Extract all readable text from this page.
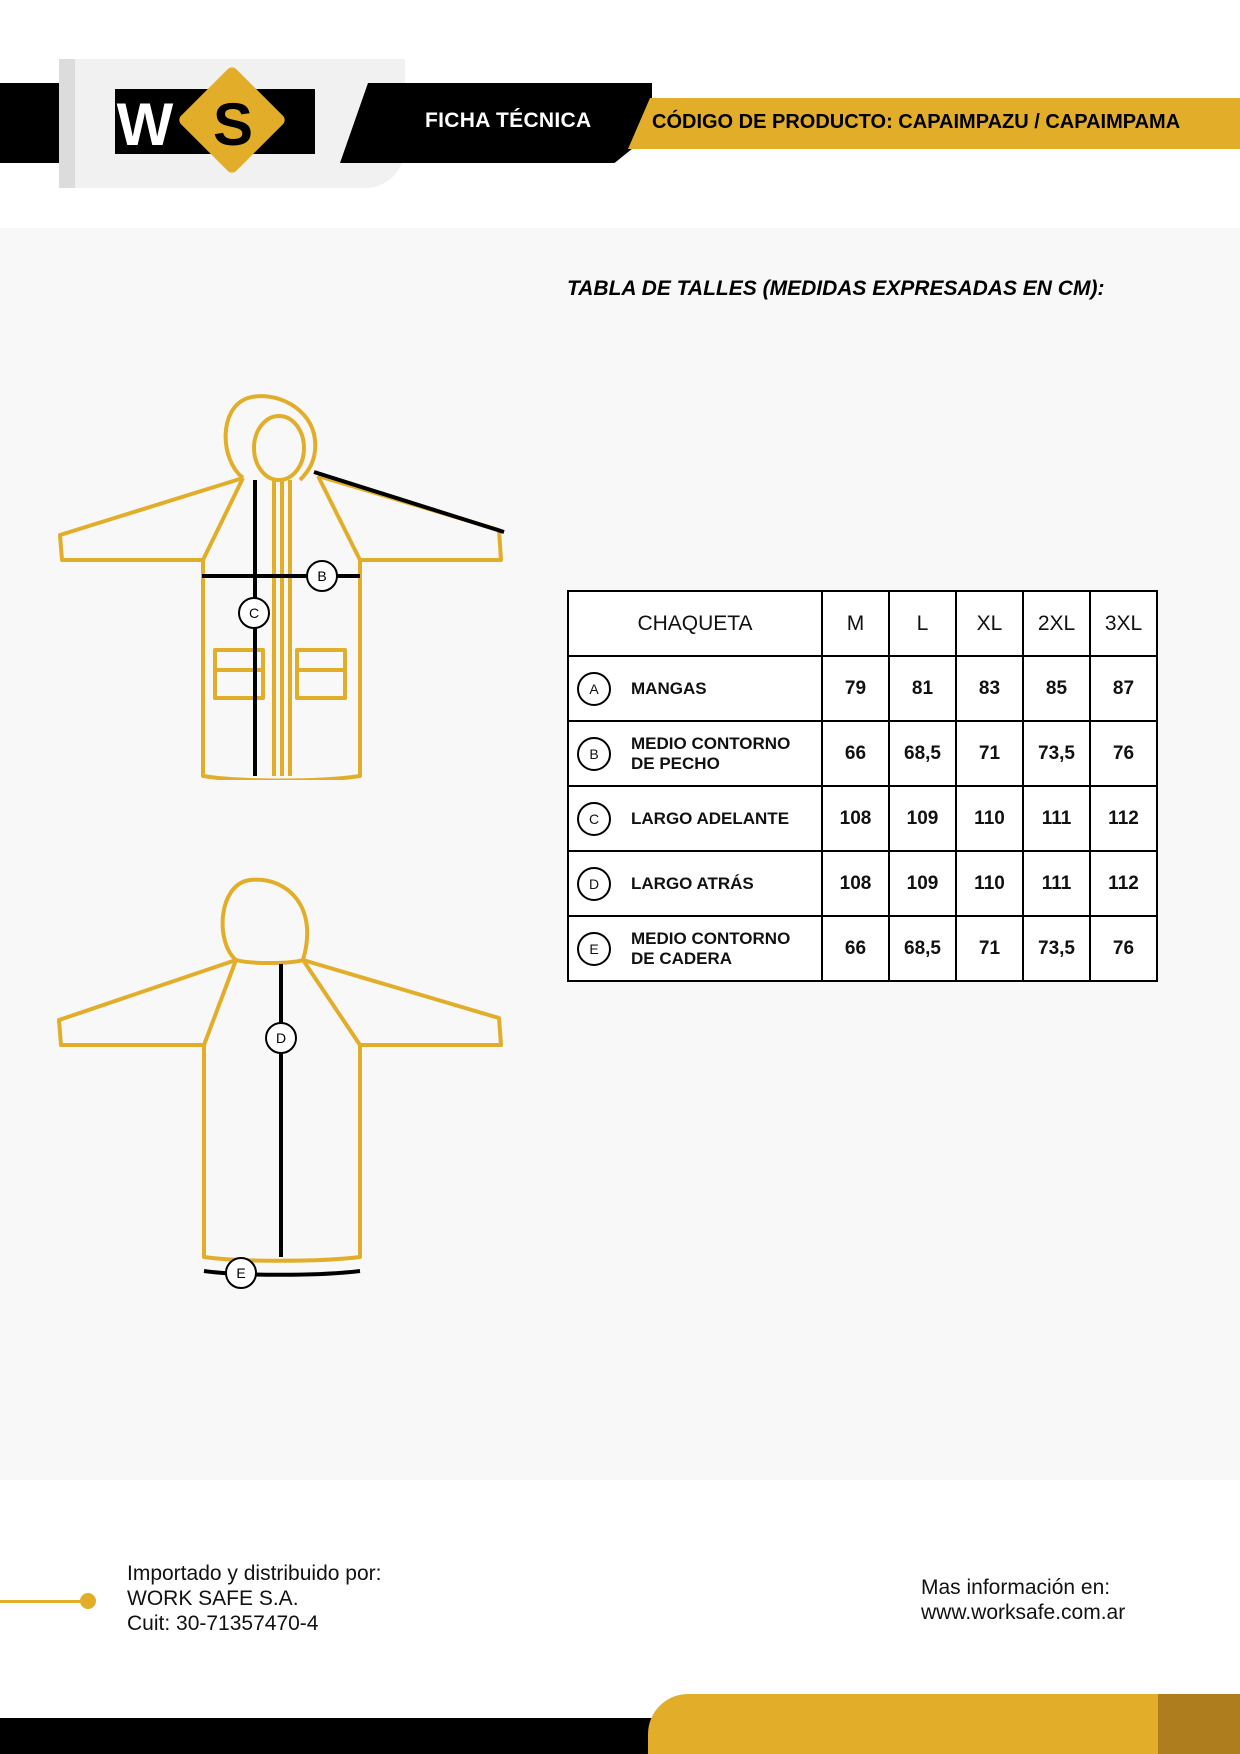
W S	FICHA TÉCNICA	CÓDIGO DE PRODUCTO: CAPAIMPAZU / CAPAIMPAMA
TABLA DE TALLES (MEDIDAS EXPRESADAS EN CM):
B
C
D
E
CHAQUETA	M	L	XL	2XL	3XL

A MANGAS	79	81	83	85	87

B
MEDIO CONTORNO
DE PECHO	66	68,5	71	73,5	76

C LARGO ADELANTE	108	109	110	111	112

D LARGO ATRÁS	108	109	110	111	112

E
MEDIO CONTORNO
DE CADERA	66	68,5	71	73,5	76
Importado y distribuido por:
WORK SAFE S.A.
Cuit: 30-71357470-4
Mas información en:
www.worksafe.com.ar
